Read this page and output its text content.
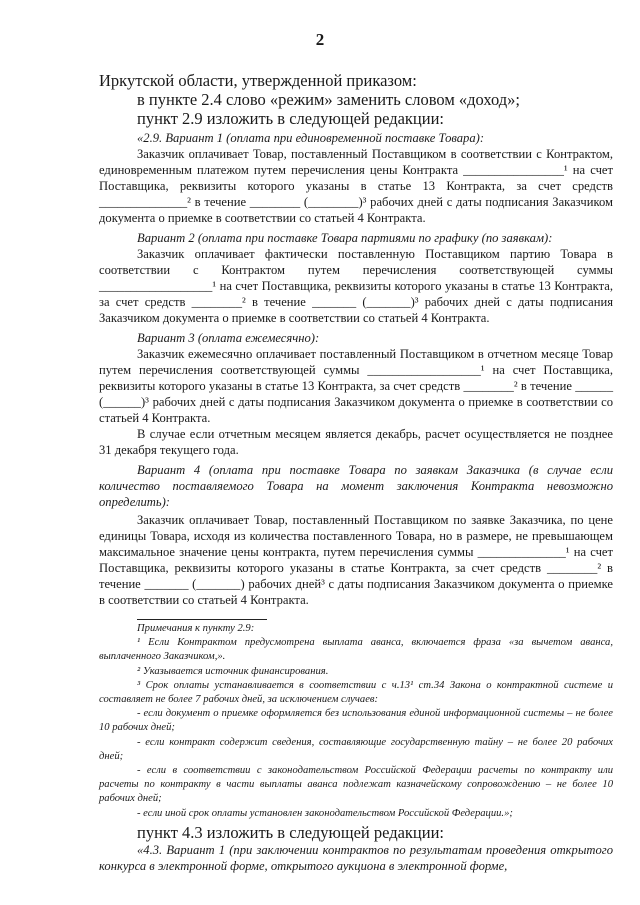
2
Иркутской области, утвержденной приказом:
в пункте 2.4 слово «режим» заменить словом «доход»;
пункт 2.9 изложить в следующей редакции:
«2.9. Вариант 1 (оплата при единовременной поставке Товара):
Заказчик оплачивает Товар, поставленный Поставщиком в соответствии с Контрактом, единовременным платежом путем перечисления цены Контракта ________________¹ на счет Поставщика, реквизиты которого указаны в статье 13 Контракта, за счет средств ______________² в течение ________ (________)³ рабочих дней с даты подписания Заказчиком документа о приемке в соответствии со статьей 4 Контракта.
Вариант 2 (оплата при поставке Товара партиями по графику (по заявкам):
Заказчик оплачивает фактически поставленную Поставщиком партию Товара в соответствии с Контрактом путем перечисления соответствующей суммы __________________¹ на счет Поставщика, реквизиты которого указаны в статье 13 Контракта, за счет средств ________² в течение _______ (_______)³ рабочих дней с даты подписания Заказчиком документа о приемке в соответствии со статьей 4 Контракта.
Вариант 3 (оплата ежемесячно):
Заказчик ежемесячно оплачивает поставленный Поставщиком в отчетном месяце Товар путем перечисления соответствующей суммы __________________¹ на счет Поставщика, реквизиты которого указаны в статье 13 Контракта, за счет средств ________² в течение ______ (______)³ рабочих дней с даты подписания Заказчиком документа о приемке в соответствии со статьей 4 Контракта.
В случае если отчетным месяцем является декабрь, расчет осуществляется не позднее 31 декабря текущего года.
Вариант 4 (оплата при поставке Товара по заявкам Заказчика (в случае если количество поставляемого Товара на момент заключения Контракта невозможно определить):
Заказчик оплачивает Товар, поставленный Поставщиком по заявке Заказчика, по цене единицы Товара, исходя из количества поставленного Товара, но в размере, не превышающем максимальное значение цены контракта, путем перечисления суммы ______________¹ на счет Поставщика, реквизиты которого указаны в статье Контракта, за счет средств ________² в течение _______ (_______) рабочих дней³ с даты подписания Заказчиком документа о приемке в соответствии со статьей 4 Контракта.
Примечания к пункту 2.9:
¹ Если Контрактом предусмотрена выплата аванса, включается фраза «за вычетом аванса, выплаченного Заказчиком,».
² Указывается источник финансирования.
³ Срок оплаты устанавливается в соответствии с ч.13¹ ст.34 Закона о контрактной системе и составляет не более 7 рабочих дней, за исключением случаев:
- если документ о приемке оформляется без использования единой информационной системы – не более 10 рабочих дней;
- если контракт содержит сведения, составляющие государственную тайну – не более 20 рабочих дней;
- если в соответствии с законодательством Российской Федерации расчеты по контракту или расчеты по контракту в части выплаты аванса подлежат казначейскому сопровождению – не более 10 рабочих дней;
- если иной срок оплаты установлен законодательством Российской Федерации.»;
пункт 4.3 изложить в следующей редакции:
«4.3. Вариант 1 (при заключении контрактов по результатам проведения открытого конкурса в электронной форме, открытого аукциона в электронной форме,
